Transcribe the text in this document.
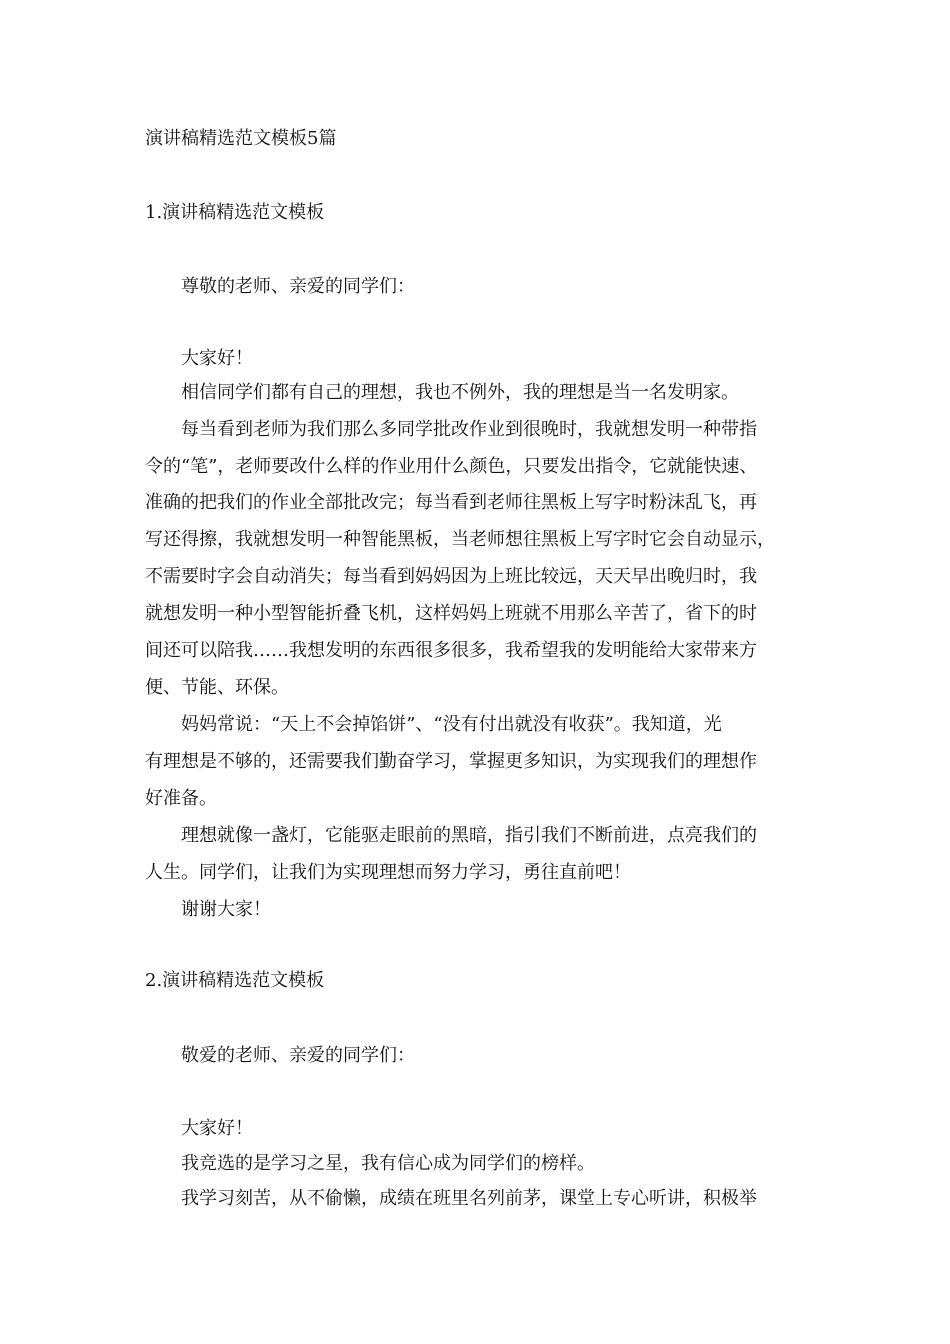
演讲稿精选范文模板5篇
1.演讲稿精选范文模板
尊敬的老师、亲爱的同学们：
大家好！
相信同学们都有自己的理想，我也不例外，我的理想是当一名发明家。
每当看到老师为我们那么多同学批改作业到很晚时，我就想发明一种带指
令的“笔”，老师要改什么样的作业用什么颜色，只要发出指令，它就能快速、
准确的把我们的作业全部批改完；每当看到老师往黑板上写字时粉沫乱飞，再
写还得擦，我就想发明一种智能黑板，当老师想往黑板上写字时它会自动显示，
不需要时字会自动消失；每当看到妈妈因为上班比较远，天天早出晚归时，我
就想发明一种小型智能折叠飞机，这样妈妈上班就不用那么辛苦了，省下的时
间还可以陪我……我想发明的东西很多很多，我希望我的发明能给大家带来方
便、节能、环保。
妈妈常说：“天上不会掉馅饼”、“没有付出就没有收获”。我知道，光
有理想是不够的，还需要我们勤奋学习，掌握更多知识，为实现我们的理想作
好准备。
理想就像一盏灯，它能驱走眼前的黑暗，指引我们不断前进，点亮我们的
人生。同学们，让我们为实现理想而努力学习，勇往直前吧！
谢谢大家！
2.演讲稿精选范文模板
敬爱的老师、亲爱的同学们：
大家好！
我竞选的是学习之星，我有信心成为同学们的榜样。
我学习刻苦，从不偷懒，成绩在班里名列前茅，课堂上专心听讲，积极举
